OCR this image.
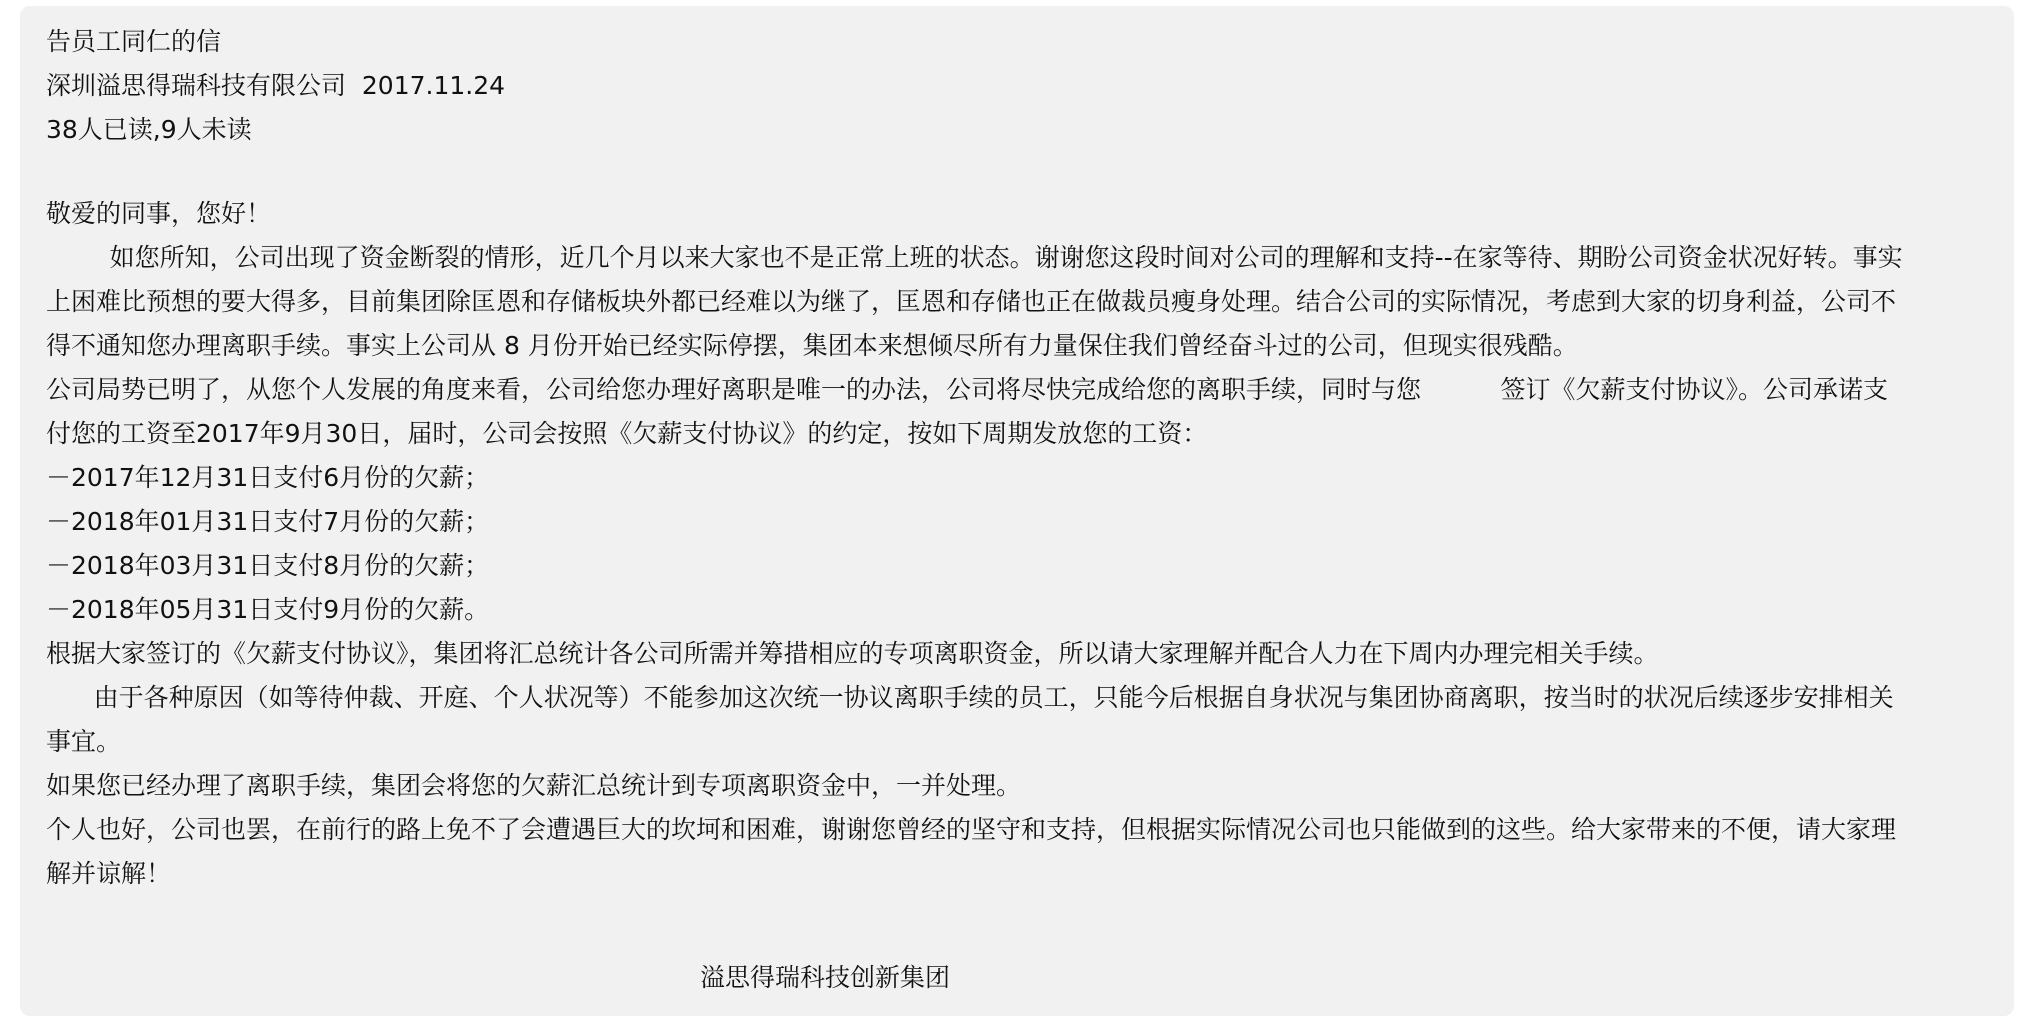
告员工同仁的信
深圳溢思得瑞科技有限公司  2017.11.24
38人已读,9人未读
敬爱的同事，您好！
如您所知，公司出现了资金断裂的情形，近几个月以来大家也不是正常上班的状态。谢谢您这段时间对公司的理解和支持--在家等待、期盼公司资金状况好转。事实
上困难比预想的要大得多，目前集团除匡恩和存储板块外都已经难以为继了，匡恩和存储也正在做裁员瘦身处理。结合公司的实际情况，考虑到大家的切身利益，公司不
得不通知您办理离职手续。事实上公司从 8 月份开始已经实际停摆，集团本来想倾尽所有力量保住我们曾经奋斗过的公司，但现实很残酷。
公司局势已明了，从您个人发展的角度来看，公司给您办理好离职是唯一的办法，公司将尽快完成给您的离职手续，同时与您          签订《欠薪支付协议》。公司承诺支
付您的工资至2017年9月30日，届时，公司会按照《欠薪支付协议》的约定，按如下周期发放您的工资：
－2017年12月31日支付6月份的欠薪；
－2018年01月31日支付7月份的欠薪；
－2018年03月31日支付8月份的欠薪；
－2018年05月31日支付9月份的欠薪。
根据大家签订的《欠薪支付协议》，集团将汇总统计各公司所需并筹措相应的专项离职资金，所以请大家理解并配合人力在下周内办理完相关手续。
由于各种原因（如等待仲裁、开庭、个人状况等）不能参加这次统一协议离职手续的员工，只能今后根据自身状况与集团协商离职，按当时的状况后续逐步安排相关
事宜。
如果您已经办理了离职手续，集团会将您的欠薪汇总统计到专项离职资金中，一并处理。
个人也好，公司也罢，在前行的路上免不了会遭遇巨大的坎坷和困难，谢谢您曾经的坚守和支持，但根据实际情况公司也只能做到的这些。给大家带来的不便，请大家理
解并谅解！
溢思得瑞科技创新集团
